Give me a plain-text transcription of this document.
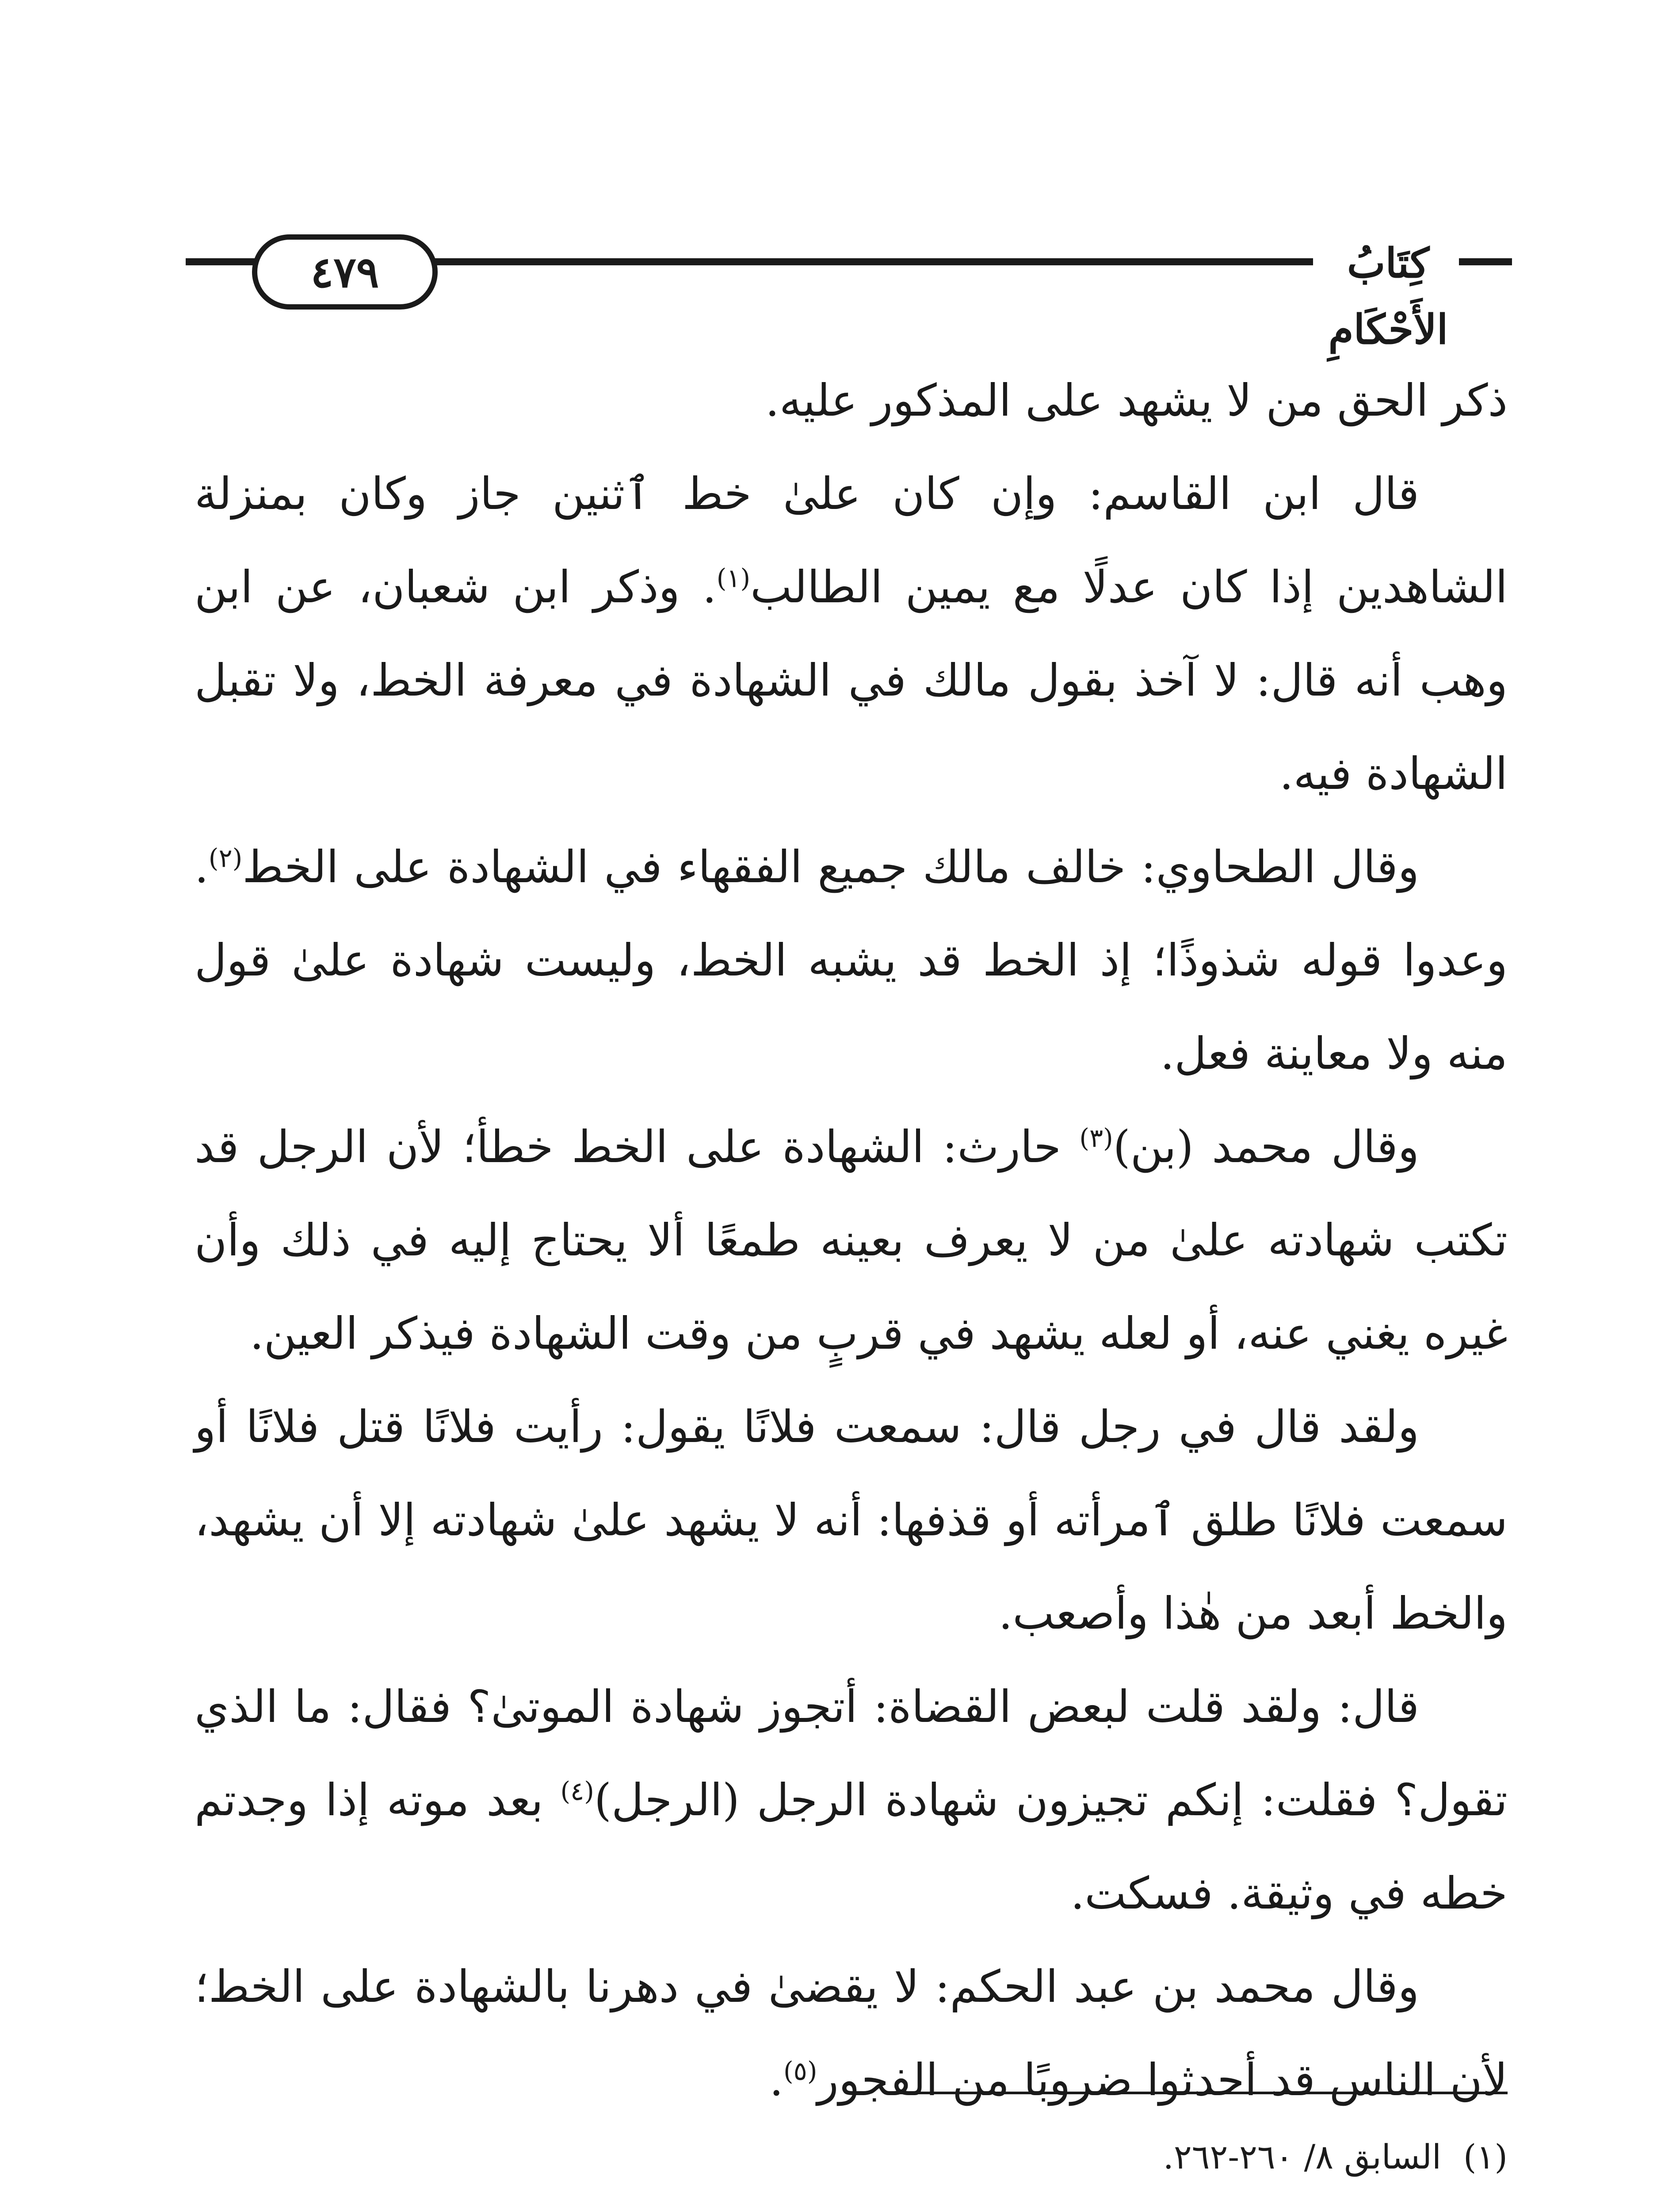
٤٧٩	كِتَابُ الأَحْكَامِ

ذكر الحق من لا يشهد على المذكور عليه.

قال ابن القاسم: وإن كان علىٰ خط ٱثنين جاز وكان بمنزلة الشاهدين إذا كان عدلًا مع يمين الطالب$^{(١)}$. وذكر ابن شعبان، عن ابن وهب أنه قال: لا آخذ بقول مالك في الشهادة في معرفة الخط، ولا تقبل الشهادة فيه.

وقال الطحاوي: خالف مالك جميع الفقهاء في الشهادة على الخط$^{(٢)}$. وعدوا قوله شذوذًا؛ إذ الخط قد يشبه الخط، وليست شهادة علىٰ قول منه ولا معاينة فعل.

وقال محمد (بن)$^{(٣)}$ حارث: الشهادة على الخط خطأ؛ لأن الرجل قد تكتب شهادته علىٰ من لا يعرف بعينه طمعًا ألا يحتاج إليه في ذلك وأن غيره يغني عنه، أو لعله يشهد في قربٍ من وقت الشهادة فيذكر العين.

ولقد قال في رجل قال: سمعت فلانًا يقول: رأيت فلانًا قتل فلانًا أو سمعت فلانًا طلق ٱمرأته أو قذفها: أنه لا يشهد علىٰ شهادته إلا أن يشهد، والخط أبعد من هٰذا وأصعب.

قال: ولقد قلت لبعض القضاة: أتجوز شهادة الموتىٰ؟ فقال: ما الذي تقول؟ فقلت: إنكم تجيزون شهادة الرجل (الرجل)$^{(٤)}$ بعد موته إذا وجدتم خطه في وثيقة. فسكت.

وقال محمد بن عبد الحكم: لا يقضىٰ في دهرنا بالشهادة على الخط؛ لأن الناس قد أحدثوا ضروبًا من الفجور$^{(٥)}$.

(١)
السابق ٨/ ٢٦٠-٢٦٢.
